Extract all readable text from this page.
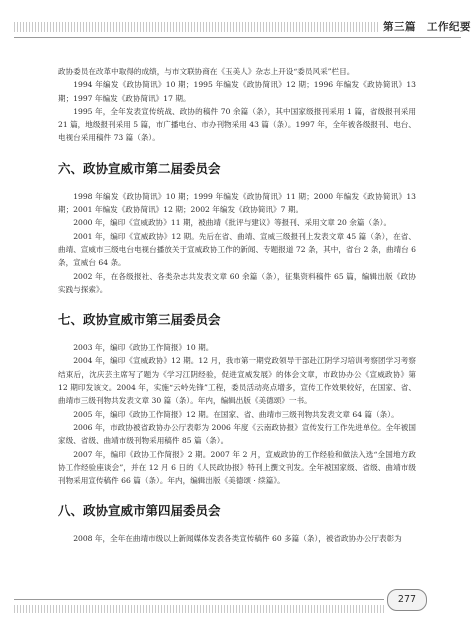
第三篇　工作纪要

政协委员在改革中取得的成绩，与市文联协商在《玉美人》杂志上开设“委员风采”栏目。

1994 年编发《政协简讯》10 期；1995 年编发《政协简讯》12 期；1996 年编发《政协简讯》13 期；1997 年编发《政协简讯》17 期。

1995 年，全年发表宣传统战、政协的稿件 70 余篇（条），其中国家级报刊采用 1 篇，省级报刊采用 21 篇，地级报刊采用 5 篇，市广播电台、市办刊物采用 43 篇（条）。1997 年，全年被各级报刊、电台、电视台采用稿件 73 篇（条）。

六、政协宣威市第二届委员会

1998 年编发《政协简讯》10 期；1999 年编发《政协简讯》11 期；2000 年编发《政协简讯》13 期；2001 年编发《政协简讯》12 期；2002 年编发《政协简讯》7 期。

2000 年，编印《宣威政协》11 期，被曲靖《批评与建议》等报刊、采用文章 20 余篇（条）。

2001 年，编印《宣威政协》12 期。先后在省、曲靖、宣威三级报刊上发表文章 45 篇（条），在省、曲靖、宣威市三级电台电视台播放关于宣威政协工作的新闻、专题报道 72 条，其中，省台 2 条，曲靖台 6 条，宣威台 64 条。

2002 年，在各级报社、各类杂志共发表文章 60 余篇（条），征集资料稿件 65 篇，编辑出版《政协实践与探索》。

七、政协宣威市第三届委员会

2003 年，编印《政协工作简报》10 期。

2004 年，编印《宣威政协》12 期。12 月，我市第一期党政领导干部赴江阴学习培训考察团学习考察结束后，沈庆芸主席写了题为《学习江阴经验，促进宣威发展》的体会文章，市政协办公《宣威政协》第 12 期印发该文。2004 年，实施“云岭先锋”工程，委员活动亮点增多，宣传工作效果较好，在国家、省、曲靖市三级刊物共发表文章 30 篇（条）。年内，编辑出版《美德颂》一书。

2005 年，编印《政协工作简报》12 期。在国家、省、曲靖市三级刊物共发表文章 64 篇（条）。

2006 年，市政协被省政协办公厅表彰为 2006 年度《云南政协报》宣传发行工作先进单位。全年被国家级、省级、曲靖市级刊物采用稿件 85 篇（条）。

2007 年，编印《政协工作简报》2 期。2007 年 2 月，宣威政协的工作经验和做法入选“全国地方政协工作经验座谈会”，并在 12 月 6 日的《人民政协报》特刊上撰文刊发。全年被国家级、省级、曲靖市级刊物采用宣传稿件 66 篇（条）。年内，编辑出版《美德颂 · 续篇》。

八、政协宣威市第四届委员会

2008 年，全年在曲靖市级以上新闻媒体发表各类宣传稿件 60 多篇（条），被省政协办公厅表彰为

277
